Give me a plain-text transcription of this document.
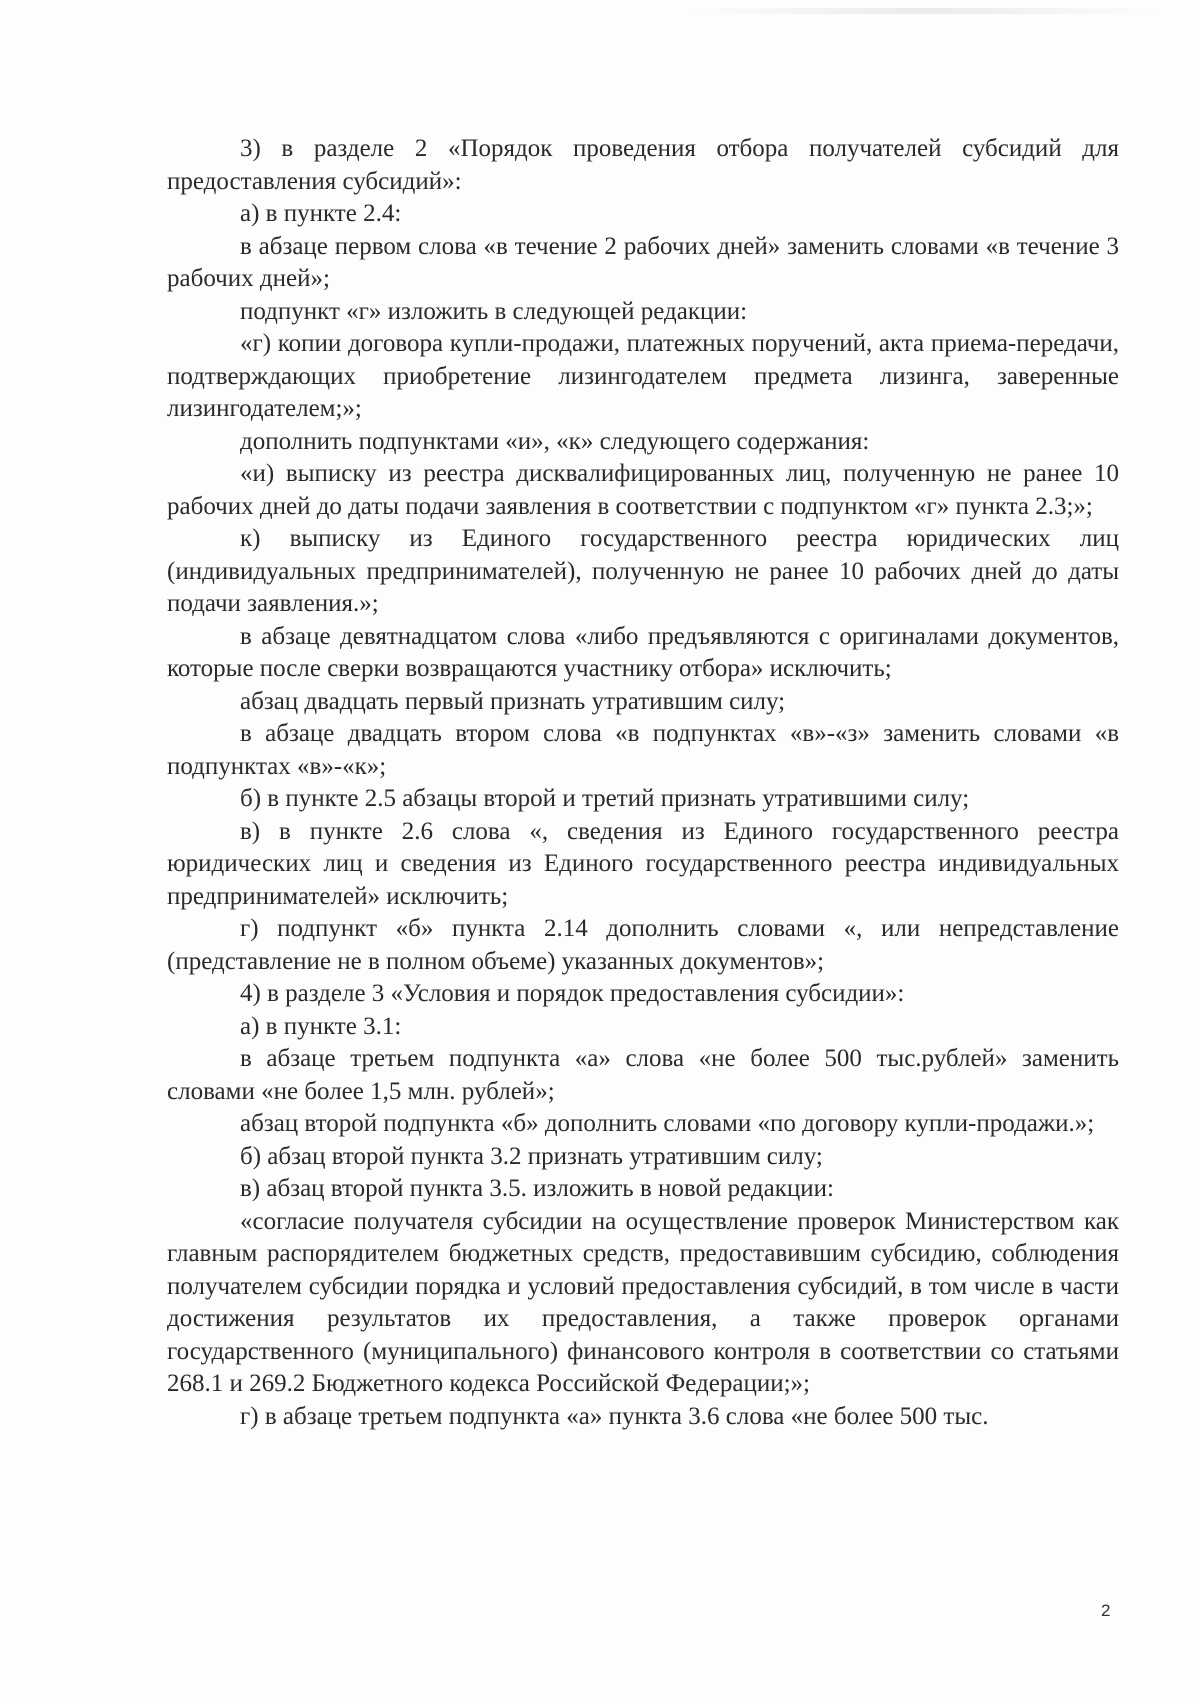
3) в разделе 2 «Порядок проведения отбора получателей субсидий для предоставления субсидий»:

а) в пункте 2.4:

в абзаце первом слова «в течение 2 рабочих дней» заменить словами «в течение 3 рабочих дней»;

подпункт «г» изложить в следующей редакции:

«г) копии договора купли-продажи, платежных поручений, акта приема-передачи, подтверждающих приобретение лизингодателем предмета лизинга, заверенные лизингодателем;»;

дополнить подпунктами «и», «к» следующего содержания:

«и) выписку из реестра дисквалифицированных лиц, полученную не ранее 10 рабочих дней до даты подачи заявления в соответствии с подпунктом «г» пункта 2.3;»;

к) выписку из Единого государственного реестра юридических лиц (индивидуальных предпринимателей), полученную не ранее 10 рабочих дней до даты подачи заявления.»;

в абзаце девятнадцатом слова «либо предъявляются с оригиналами документов, которые после сверки возвращаются участнику отбора» исключить;

абзац двадцать первый признать утратившим силу;

в абзаце двадцать втором слова «в подпунктах «в»-«з» заменить словами «в подпунктах «в»-«к»;

б) в пункте 2.5 абзацы второй и третий признать утратившими силу;

в) в пункте 2.6 слова «, сведения из Единого государственного реестра юридических лиц и сведения из Единого государственного реестра индивидуальных предпринимателей» исключить;

г) подпункт «б» пункта 2.14 дополнить словами «, или непредставление (представление не в полном объеме) указанных документов»;

4) в разделе 3 «Условия и порядок предоставления субсидии»:

а) в пункте 3.1:

в абзаце третьем подпункта «а» слова «не более 500 тыс.рублей» заменить словами «не более 1,5 млн. рублей»;

абзац второй подпункта «б» дополнить словами «по договору купли-продажи.»;

б) абзац второй пункта 3.2 признать утратившим силу;

в) абзац второй пункта 3.5. изложить в новой редакции:

«согласие получателя субсидии на осуществление проверок Министерством как главным распорядителем бюджетных средств, предоставившим субсидию, соблюдения получателем субсидии порядка и условий предоставления субсидий, в том числе в части достижения результатов их предоставления, а также проверок органами государственного (муниципального) финансового контроля в соответствии со статьями 268.1 и 269.2 Бюджетного кодекса Российской Федерации;»;

г) в абзаце третьем подпункта «а» пункта 3.6 слова «не более 500 тыс.

2
